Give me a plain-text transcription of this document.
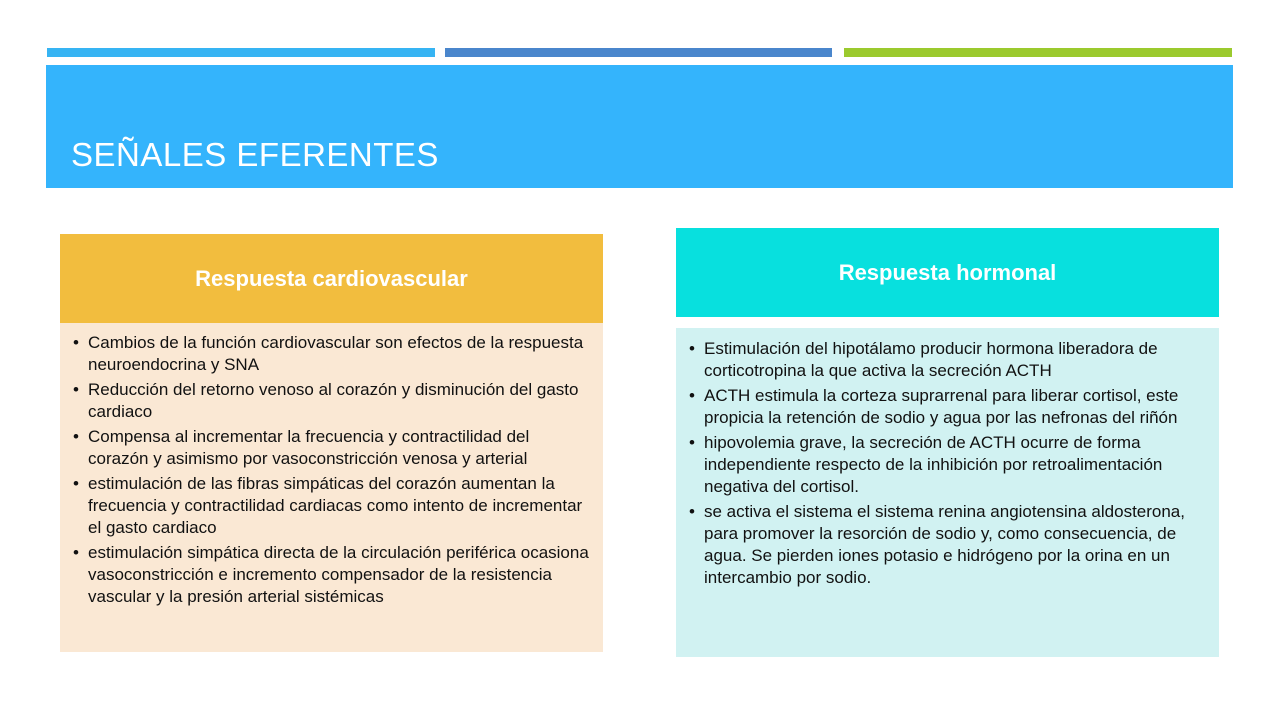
SEÑALES EFERENTES
Respuesta cardiovascular
• Cambios de la función cardiovascular son efectos de la respuesta neuroendocrina y SNA
• Reducción del retorno venoso al corazón y disminución del gasto cardiaco
• Compensa al incrementar la frecuencia y contractilidad del corazón y asimismo por vasoconstricción venosa y arterial
• estimulación de las fibras simpáticas del corazón aumentan la frecuencia y contractilidad cardiacas como intento de incrementar el gasto cardiaco
• estimulación simpática directa de la circulación periférica ocasiona vasoconstricción e incremento compensador de la resistencia vascular y la presión arterial sistémicas
Respuesta hormonal
• Estimulación del hipotálamo producir hormona liberadora de corticotropina la que activa la secreción ACTH
• ACTH estimula la corteza suprarrenal para liberar cortisol, este propicia la retención de sodio y agua por las nefronas del riñón
• hipovolemia grave, la secreción de ACTH ocurre de forma independiente respecto de la inhibición por retroalimentación negativa del cortisol.
• se activa el sistema el sistema renina angiotensina aldosterona, para promover la resorción de sodio y, como consecuencia, de agua. Se pierden iones potasio e hidrógeno por la orina en un intercambio por sodio.
